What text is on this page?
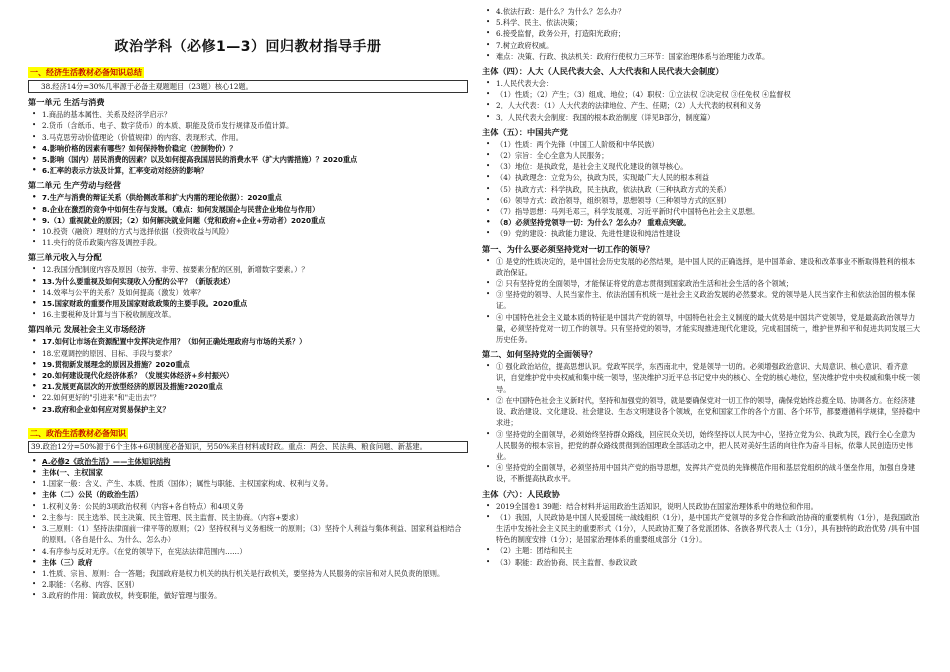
政治学科（必修1—3）回归教材指导手册
一、经济生活教材必备知识总结
38.经济14分=30%几率源于必备主观题题目（23题）核心12题。
第一单元 生活与消费
• 1.商品的基本属性、关系及经济学启示？
• 2.货币（含纸币、电子、数字货币）的本质、职能及货币发行规律及币值计算。
• 3.马克思劳动价值理论（价值规律）的内容、表现形式、作用。
• 4.影响价格的因素有哪些？如何保持物价稳定（控制物价）？
• 5.影响（国内）居民消费的因素？以及如何提高我国居民的消费水平（扩大内需措施）？2020重点
• 6.汇率的表示方法及计算，汇率变动对经济的影响？
第二单元 生产劳动与经营
• 7.生产与消费的辩证关系（供给侧改革和扩大内需的理论依据）：2020重点
• 8.企业在激烈的竞争中如何生存与发展。（难点：如何发展国企与民营企业地位与作用）
• 9.（1）重视就业的原因；（2）如何解决就业问题（党和政府+企业+劳动者）2020重点
• 10.投资（融资）理财的方式与选择依据（投资收益与风险）
• 11.央行的货币政策内容及调控手段。
第三单元收入与分配
• 12.我国分配制度内容及原因（按劳、非劳、按要素分配的区别，新增数字要素。）？
• 13.为什么要重视及如何实现收入分配的公平？（新版表述）
• 14.效率与公平的关系？及如何提高（激发）效率？
• 15.国家财政的重要作用及国家财政政策的主要手段。2020重点
• 16.主要税种及计算与当下税收制度改革。
第四单元 发展社会主义市场经济
• 17.如何让市场在资源配置中发挥决定作用？（如何正确处理政府与市场的关系？）
• 18.宏观调控的原因、目标、手段与要求？
• 19.贯彻新发展理念的原因及措施？2020重点
• 20.如何建设现代化经济体系？（发展实体经济+乡村振兴）
• 21.发展更高层次的开放型经济的原因及措施?2020重点
• 22.如何更好的"引进来"和"走出去"？
• 23.政府和企业如何应对贸易保护主义？
二、政治生活教材必备知识
39.政治12分=50%源于6个主体+6项制度必备知识，另50%来自材料或时政。重点：两会、民法典、粮食问题、新基建。
• A.必修2《政治生活》——主体知识结构
• 主体(一、主权国家
• 1.国家一般：含义、产生、本质、性质（国体）；属性与职能、主权国家构成、权利与义务。
• 主体（二）公民（的政治生活）
• 1.权利义务：公民的3项政治权利（内容+各自特点）和4项义务
• 2.主参与：民主选举、民主决策、民主管理、民主监督、民主协商。（内容+要求）
• 3.三原则：（1）坚持法律面前一律平等的原则；（2）坚持权利与义务相统一的原则；（3）坚持个人利益与集体利益、国家利益相结合的原则。（各自是什么、为什么、怎么办）
• 4.有序参与反对无序。（在党的领导下，在宪法法律范围内……）
• 主体（三）政府
• 1.性质、宗旨、原则：合一答题；我国政府是权力机关的执行机关是行政机关，要坚持为人民服务的宗旨和对人民负责的原则。
• 2.职能：（名称、内容、区别）
• 3.政府的作用：简政放权，转变职能，做好管理与服务。
• 4.依法行政：是什么？为什么？怎么办？
• 5.科学、民主、依法决策；
• 6.接受监督，政务公开，打造阳光政府；
• 7.树立政府权威。
• 难点：决策、行政、执法机关：政府行使权力三环节：国家治理体系与治理能力改革。
主体（四）：人大（人民代表大会、人大代表和人民代表大会制度）
• 1.人民代表大会：
• （1）性质；（2）产生；（3）组成、地位；（4）职权：①立法权 ②决定权 ③任免权 ④监督权
• 2．人大代表：（1）人大代表的法律地位、产生、任期；（2）人大代表的权利和义务
• 3．人民代表大会制度：我国的根本政治制度（详见B部分，制度篇）
主体（五）：中国共产党
• （1）性质：两个先锋（中国工人阶级和中华民族）
• （2）宗旨：全心全意为人民服务；
• （3）地位：是执政党，是社会主义现代化建设的领导核心。
• （4）执政理念：立党为公，执政为民，实现最广大人民的根本利益
• （5）执政方式：科学执政，民主执政，依法执政（三种执政方式的关系）
• （6）领导方式：政治领导，组织领导，思想领导（三种领导方式的区别）
• （7）指导思想：马列毛邓三，科学发展观、习近平新时代中国特色社会主义思想。
• （8）必须坚持党领导一切：为什么？怎么办？ 重难点突破。
• （9）党的建设：执政能力建设、先进性建设和纯洁性建设
第一、为什么要必须坚持党对一切工作的领导？
• ① 是党的性质决定的，是中国社会历史发展的必然结果，是中国人民的正确选择，是中国革命、建设和改革事业不断取得胜利的根本政治保证。
• ② 只有坚持党的全面领导，才能保证将党的意志贯彻到国家政治生活和社会生活的各个领域；
• ③ 坚持党的领导、人民当家作主、依法治国有机统一是社会主义政治发展的必然要求。党的领导是人民当家作主和依法治国的根本保证。
• ④ 中国特色社会主义最本质的特征是中国共产党的领导，中国特色社会主义制度的最大优势是中国共产党领导，党是最高政治领导力量，必须坚持党对一切工作的领导。只有坚持党的领导，才能实现推进现代化建设，完成祖国统一，维护世界和平和促进共同发展三大历史任务。
第二、如何坚持党的全面领导？
• ① 强化政治站位，提高思想认识。党政军民学，东西南北中，党是领导一切的。必须增强政治意识、大局意识、核心意识、看齐意识，自觉维护党中央权威和集中统一领导，坚决维护习近平总书记党中央的核心、全党的核心地位，坚决维护党中央权威和集中统一领导。
• ② 在中国特色社会主义新时代，坚持和加强党的领导，就是要确保党对一切工作的领导，确保党始终总揽全局、协调各方。在经济建设、政治建设、文化建设、社会建设、生态文明建设各个领域，在党和国家工作的各个方面、各个环节，都要遵循科学规律，坚持稳中求进；
• ③ 坚持党的全面领导，必须始终坚持群众路线，回应民众关切，始终坚持以人民为中心，坚持立党为公、执政为民，践行全心全意为人民服务的根本宗旨，把党的群众路线贯彻到治国理政全部活动之中，把人民对美好生活的向往作为奋斗目标，依靠人民创造历史伟业。
• ④ 坚持党的全面领导，必须坚持用中国共产党的指导思想，发挥共产党员的先锋模范作用和基层党组织的战斗堡垒作用，加强自身建设，不断提高执政水平。
主体（六）：人民政协
• 2019全国卷1 39题：结合材料并运用政治生活知识，说明人民政协在国家治理体系中的地位和作用。
• （1）我国，人民政协是中国人民爱国统一战线组织（1分），是中国共产党领导的多党合作和政治协商的重要机构（1分），是我国政治生活中发扬社会主义民主的重要形式（1分），人民政协汇聚了各党派团体、各族各界代表人士（1分），具有独特的政治优势 /具有中国特色的制度安排（1分）；是国家治理体系的重要组成部分（1分）。
• （2）主题：团结和民主
• （3）职能：政治协商、民主监督、参政议政
